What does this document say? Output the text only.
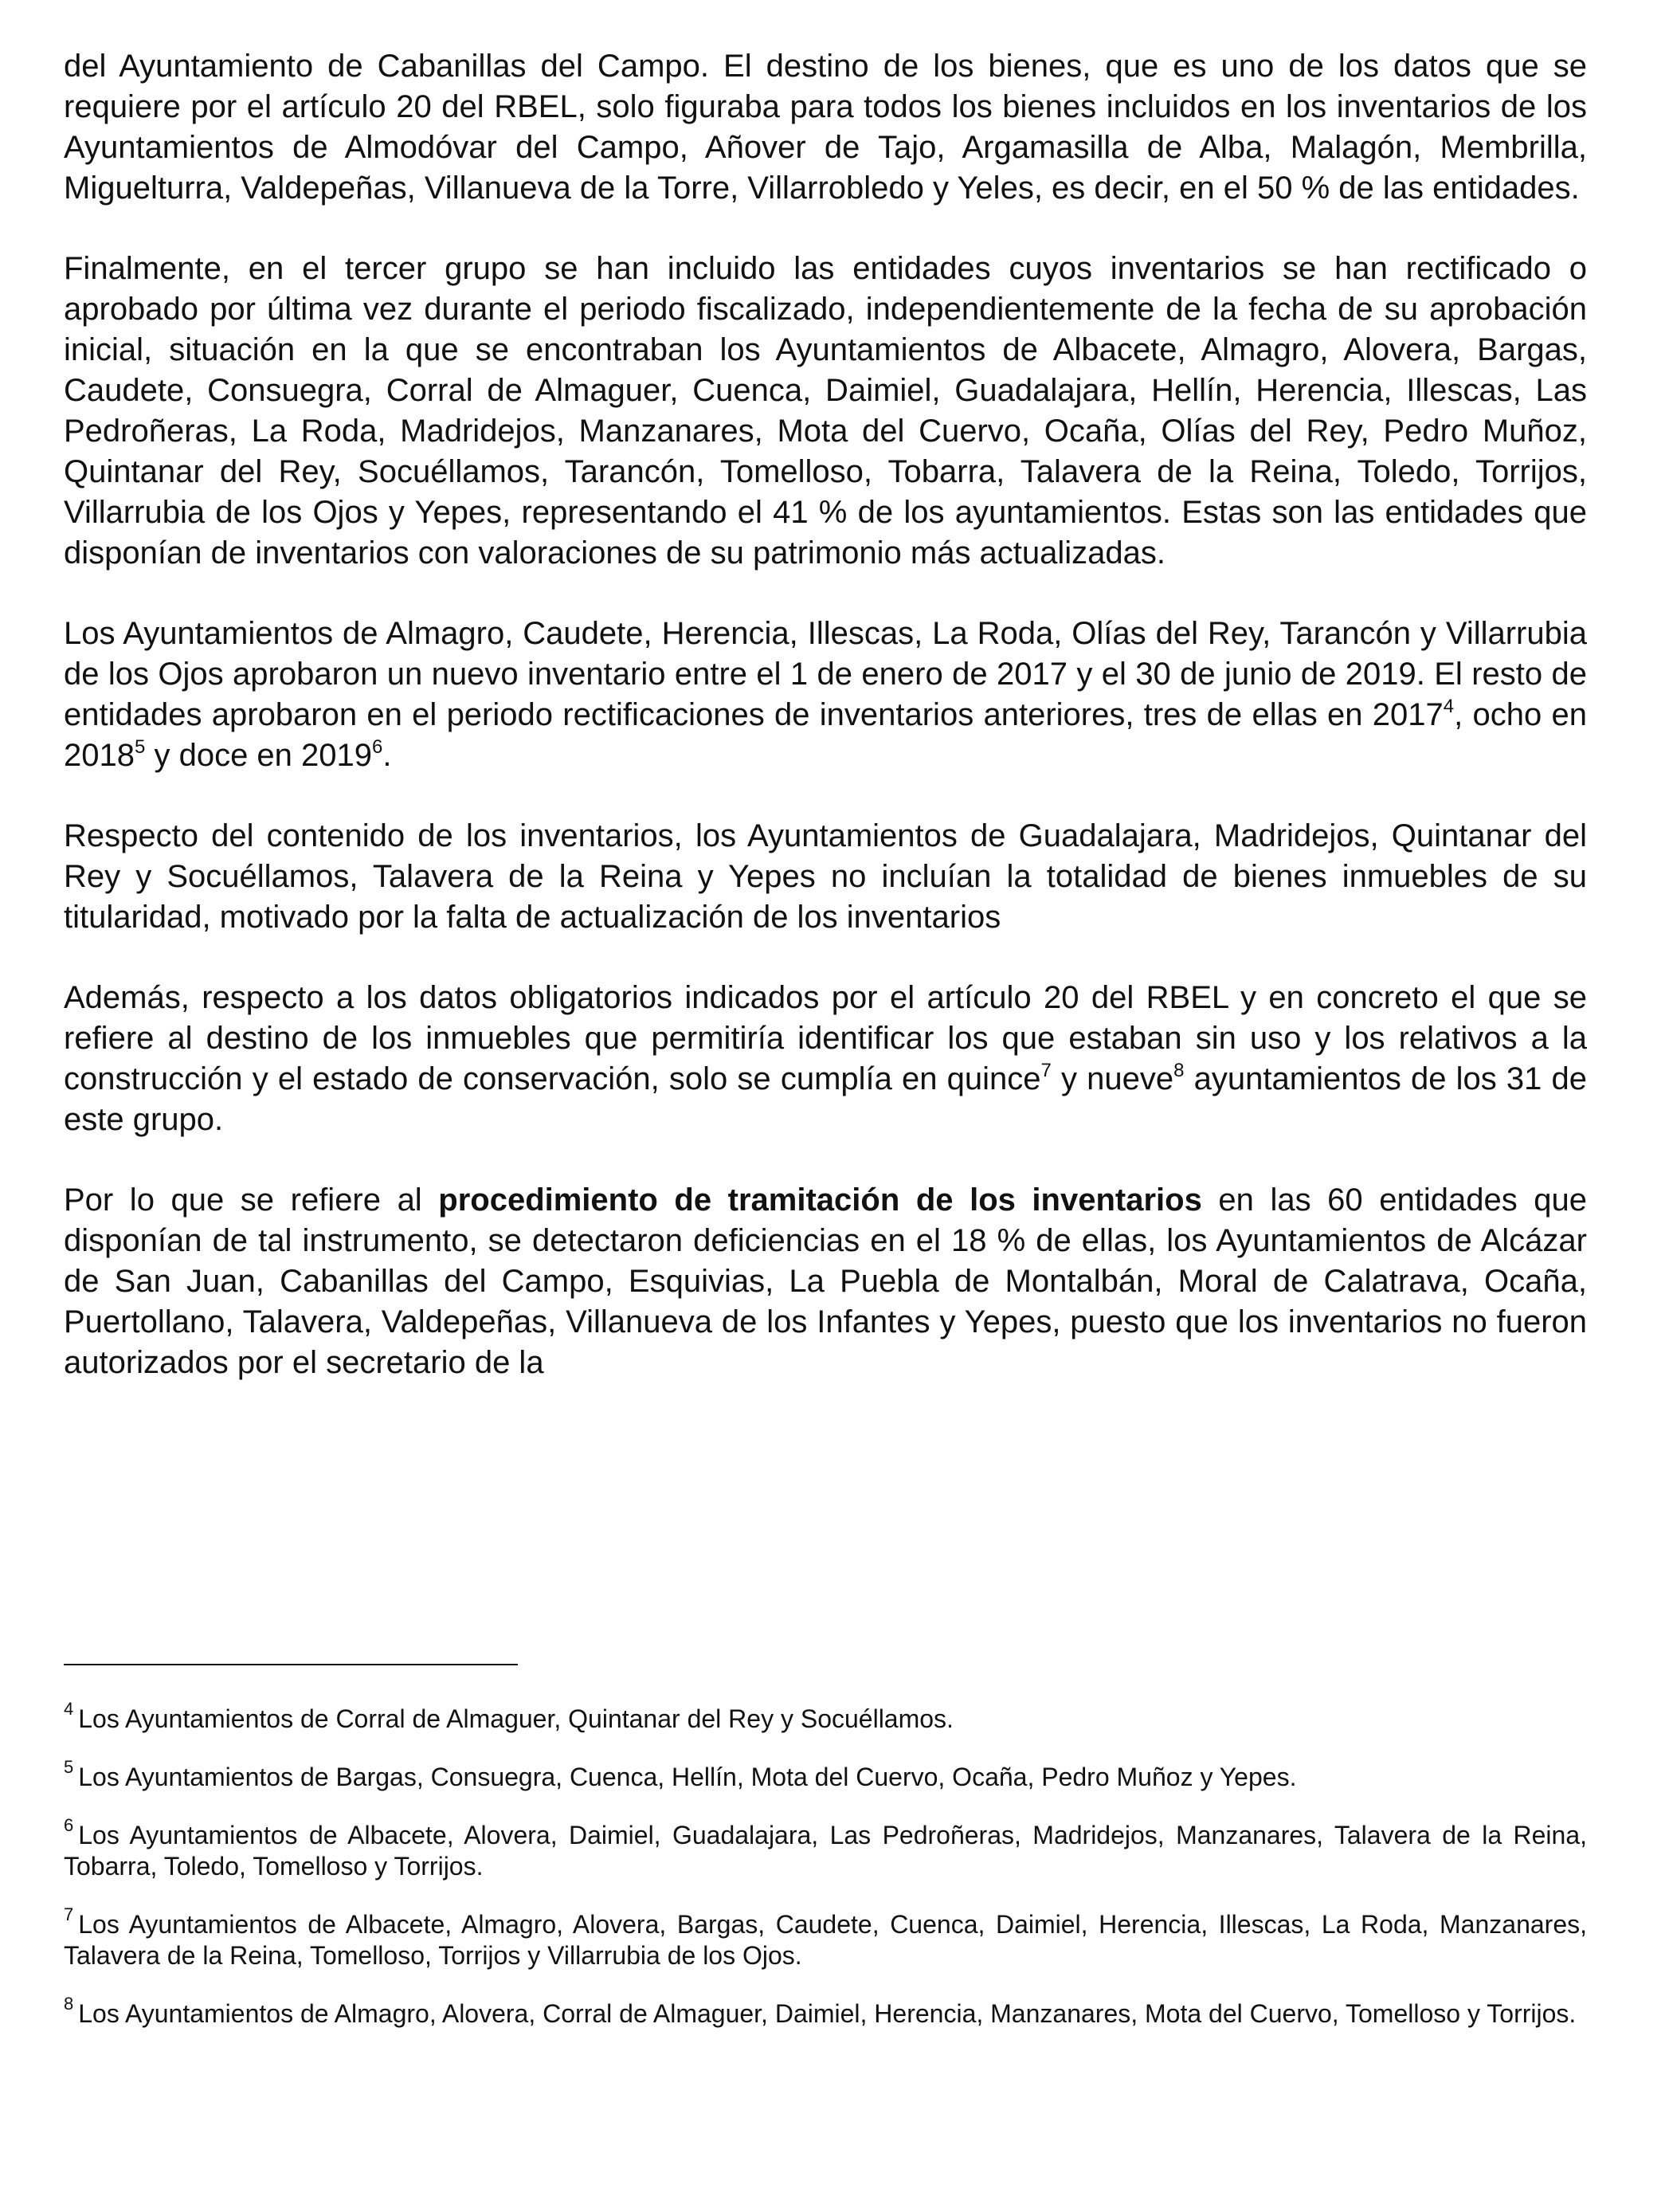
del Ayuntamiento de Cabanillas del Campo. El destino de los bienes, que es uno de los datos que se requiere por el artículo 20 del RBEL, solo figuraba para todos los bienes incluidos en los inventarios de los Ayuntamientos de Almodóvar del Campo, Añover de Tajo, Argamasilla de Alba, Malagón, Membrilla, Miguelturra, Valdepeñas, Villanueva de la Torre, Villarrobledo y Yeles, es decir, en el 50 % de las entidades.

Finalmente, en el tercer grupo se han incluido las entidades cuyos inventarios se han rectificado o aprobado por última vez durante el periodo fiscalizado, independientemente de la fecha de su aprobación inicial, situación en la que se encontraban los Ayuntamientos de Albacete, Almagro, Alovera, Bargas, Caudete, Consuegra, Corral de Almaguer, Cuenca, Daimiel, Guadalajara, Hellín, Herencia, Illescas, Las Pedroñeras, La Roda, Madridejos, Manzanares, Mota del Cuervo, Ocaña, Olías del Rey, Pedro Muñoz, Quintanar del Rey, Socuéllamos, Tarancón, Tomelloso, Tobarra, Talavera de la Reina, Toledo, Torrijos, Villarrubia de los Ojos y Yepes, representando el 41 % de los ayuntamientos. Estas son las entidades que disponían de inventarios con valoraciones de su patrimonio más actualizadas.

Los Ayuntamientos de Almagro, Caudete, Herencia, Illescas, La Roda, Olías del Rey, Tarancón y Villarrubia de los Ojos aprobaron un nuevo inventario entre el 1 de enero de 2017 y el 30 de junio de 2019. El resto de entidades aprobaron en el periodo rectificaciones de inventarios anteriores, tres de ellas en 2017$^4$, ocho en 2018$^5$ y doce en 2019$^6$.

Respecto del contenido de los inventarios, los Ayuntamientos de Guadalajara, Madridejos, Quintanar del Rey y Socuéllamos, Talavera de la Reina y Yepes no incluían la totalidad de bienes inmuebles de su titularidad, motivado por la falta de actualización de los inventarios

Además, respecto a los datos obligatorios indicados por el artículo 20 del RBEL y en concreto el que se refiere al destino de los inmuebles que permitiría identificar los que estaban sin uso y los relativos a la construcción y el estado de conservación, solo se cumplía en quince$^7$ y nueve$^8$ ayuntamientos de los 31 de este grupo.

Por lo que se refiere al procedimiento de tramitación de los inventarios en las 60 entidades que disponían de tal instrumento, se detectaron deficiencias en el 18 % de ellas, los Ayuntamientos de Alcázar de San Juan, Cabanillas del Campo, Esquivias, La Puebla de Montalbán, Moral de Calatrava, Ocaña, Puertollano, Talavera, Valdepeñas, Villanueva de los Infantes y Yepes, puesto que los inventarios no fueron autorizados por el secretario de la

$^4$ Los Ayuntamientos de Corral de Almaguer, Quintanar del Rey y Socuéllamos.

$^5$ Los Ayuntamientos de Bargas, Consuegra, Cuenca, Hellín, Mota del Cuervo, Ocaña, Pedro Muñoz y Yepes.

$^6$ Los Ayuntamientos de Albacete, Alovera, Daimiel, Guadalajara, Las Pedroñeras, Madridejos, Manzanares, Talavera de la Reina, Tobarra, Toledo, Tomelloso y Torrijos.

$^7$ Los Ayuntamientos de Albacete, Almagro, Alovera, Bargas, Caudete, Cuenca, Daimiel, Herencia, Illescas, La Roda, Manzanares, Talavera de la Reina, Tomelloso, Torrijos y Villarrubia de los Ojos.

$^8$ Los Ayuntamientos de Almagro, Alovera, Corral de Almaguer, Daimiel, Herencia, Manzanares, Mota del Cuervo, Tomelloso y Torrijos.
